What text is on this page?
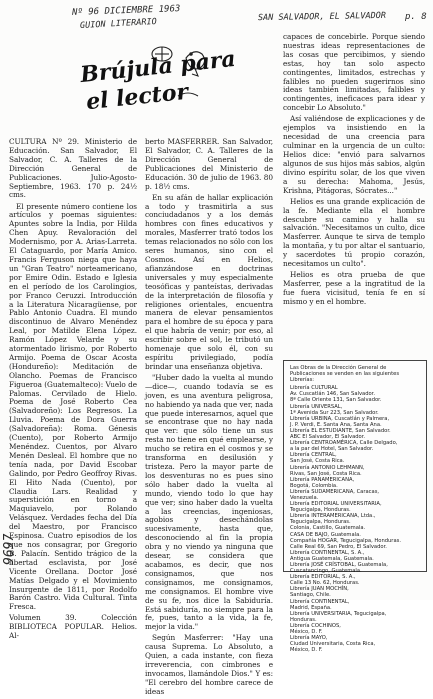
Nº 96 DICIEMBRE 1963
GUION LITERARIO	SAN SALVADOR, EL SALVADOR p. 8
9697
Brújula para
el lector

CULTURA Nº 29. Ministerio de Educación. San Salvador, El Salvador, C. A. Talleres de la Dirección General de Publicaciones. Julio-Agosto-Septiembre, 1963. 170 p. 24½ cms.

El presente número contiene los artículos y poemas siguientes: Apuntes sobre la India, por Hilda Chen Apuy. Revaloración del Modernismo, por A. Arias-Larreta. El Cataguardo, por María Amico. Francis Ferguson niega que haya un "Gran Teatro" norteamericano, por Emire Odin. Estado e Iglesia en el período de los Carolingios, por Franco Ceruzzi. Introducción a la Literatura Nicaragüense, por Pablo Antonio Cuadra. El mundo discontinuo de Alvaro Menéndez Leal, por Matilde Elena López. Ramón López Velarde y su atormentado lirismo, por Roberto Armijo. Poema de Oscar Acosta (Hondureño): Meditación de Olancho. Poemas de Francisco Figueroa (Guatemalteco): Vuelo de Palomas. Cervilado de Hielo. Poema de José Roberto Cea (Salvadoreño): Los Regresos. La Lluvia. Poema de Dora Guerra (Salvadoreña): Roma. Génesis (Cuento), por Roberto Armijo Menéndez. Cuentos, por Alvaro Menén Desleal. El hombre que no tenía nada, por David Escobar Galindo, por Pedro Geoffroy Rivas. El Hito Nada (Cuento), por Claudia Lars. Realidad y superstición en torno a Maquiavelo, por Rolando Velásquez. Verdades fecha del Día del Maestro, por Francisco Espinosa. Cuatro episodios de los que nos consagrar, por Gregorio B. Palacín. Sentido trágico de la libertad esclavista, por José Vicente Orellana. Doctor José Matías Delgado y el Movimiento Insurgente de 1811, por Rodolfo Barón Castro. Vida Cultural. Tinta Fresca.

Volumen 39. Colección BIBLIOTECA POPULAR. Helios. Al-

berto MASFERRER. San Salvador, El Salvador, C. A. Talleres de la Dirección General de Publicaciones del Ministerio de Educación. 30 de julio de 1963. 80 p. 18½ cms.

En su afán de hallar explicación a todo y trasmitirla a sus conciudadanos y a los demás hombres con fines educativos y morales, Masferrer trató todos los temas relacionados no sólo con los seres humanos, sino con el Cosmos. Así en Helios, afianzándose en doctrinas universales y muy especialmente teosóficas y panteístas, derivadas de la interpretación de filosofía y religiones orientales, encuentra manera de elevar pensamientos para el hombre de su época y para el que habría de venir; por eso, al escribir sobre el sol, le tributó un homenaje que solo él, con su espíritu privilegiado, podía brindar una enseñanza objetiva.

"Huber dado la vuelta al mundo —dice—, cuando todavía se es joven, es una aventura peligrosa, no habiendo ya nada que ver, nada que puede interesarnos, aquel que se encontrase que no hay nada que ver: que sólo tiene un sus resta no tiene en qué emplearse, y mucho se retira en el cosmos y se transforma en desilusión y tristeza. Pero la mayor parte de los desventuras no es pues sino sólo haber dado la vuelta al mundo, viendo todo lo que hay que ver; sino haber dado la vuelta a las creencias, ingeniosas, agobios y desechándolas sucesivamente, hasta que, desconociendo al fin la propia obra y no viendo ya ninguna que desear, se considera que acabamos, es decir, que nos consignamos, que nos consignamos, me consignamos, me consignamos. El hombre vive de su fe, nos dice la Sabiduría. Está sabiduría, no siempre para la fe, pues, tanto a la vida, la fe, mejor la vida."

Según Masferrer: "Hay una causa Suprema. Lo Absoluto, a Quien, a cada instante, con fieza irreverencia, con cimbrones e invocamos, llamándole Dios." Y es: "El cerebro del hombre carece de ideas

capaces de concebirle. Porque siendo nuestras ideas representaciones de las cosas que percibimos, y siendo estas, hoy tan solo aspecto contingentes, limitados, estrechas y falibles no pueden sugerirnos sino ideas también limitadas, falibles y contingentes, ineficaces para idear y concebir Lo Absoluto."

Así valiéndose de explicaciones y de ejemplos va insistiendo en la necesidad de una creencia para culminar en la urgencia de un culto: Helios dice: "envió para salvarnos algunos de sus hijos más sabios, algún divino espíritu solar, de los que viven a su derecha: Mahoma, Jesús, Krishna, Pitágoras, Sócrates..."

Helios es una grande explicación de la fe. Mediante ella el hombre descubre su camino y halla su salvación. "Necesitamos un culto, dice Masferrer. Aunque te sirva de templo la montaña, y tu por altar el santuario, y sacerdotes tú propio corazón, necesitamos un culto".

Helios es otra prueba de que Masferrer, pese a la ingratitud de la fue fuera vicisitud, tenía fe en sí mismo y en el hombre.

Las Obras de la Dirección General de Publicaciones se venden en las siguientes Librerías:
Librería CULTURAL
Av. Cuscatlán 146, San Salvador.
8ª Calle Oriente 131, San Salvador.
Librería UNIVERSAL,
1ª Avenida Sur 223, San Salvador.
Librería URBINA, Cuscatlán y Palmera,
J. P. Verdi, E. Santa Ana, Santa Ana.
Librería EL ESTUDIANTE, San Salvador.
ABC El Salvador, El Salvador.
Librería CENTROAMÉRICA, Calle Delgado,
a la par del Hotel, San Salvador.
Librería CENTRAL,
San José, Costa Rica.
Librería ANTONIO LEHMANN,
Rivas, San José, Costa Rica.
Librería PANAMERICANA,
Bogotá, Colombia.
Librería SUDAMERICANA, Caracas,
Venezuela.
Librería EDITORIAL UNIVERSITARIA,
Tegucigalpa, Honduras.
Librería INTERAMERICANA, Ltda.,
Tegucigalpa, Honduras.
Colonia, Castillo, Guatemala.
CASA DE BAJO, Guatemala.
Compañía HOGAR, Tegucigalpa, Honduras.
Calle Real 69, San Pedro, El Salvador.
Librería CONTINENTAL, S. A.,
Antigua Guatemala, Guatemala.
Librería JOSÉ CRÍSTOBAL, Guatemala,
Cuscatancingo, Guatemala.
Librería EDITORIAL, S. A.,
Calle 13 No. 62, Honduras.
Librería JUAN MOCHÍN,
Santiago, Chile.
Librería CONTINENTAL,
Madrid, España.
Librería UNIVERSITARIA, Tegucigalpa,
Honduras.
Librería COCHINOS,
México, D. F.
Librería MAYO,
Ciudad Universitaria, Costa Rica,
México, D. F.
